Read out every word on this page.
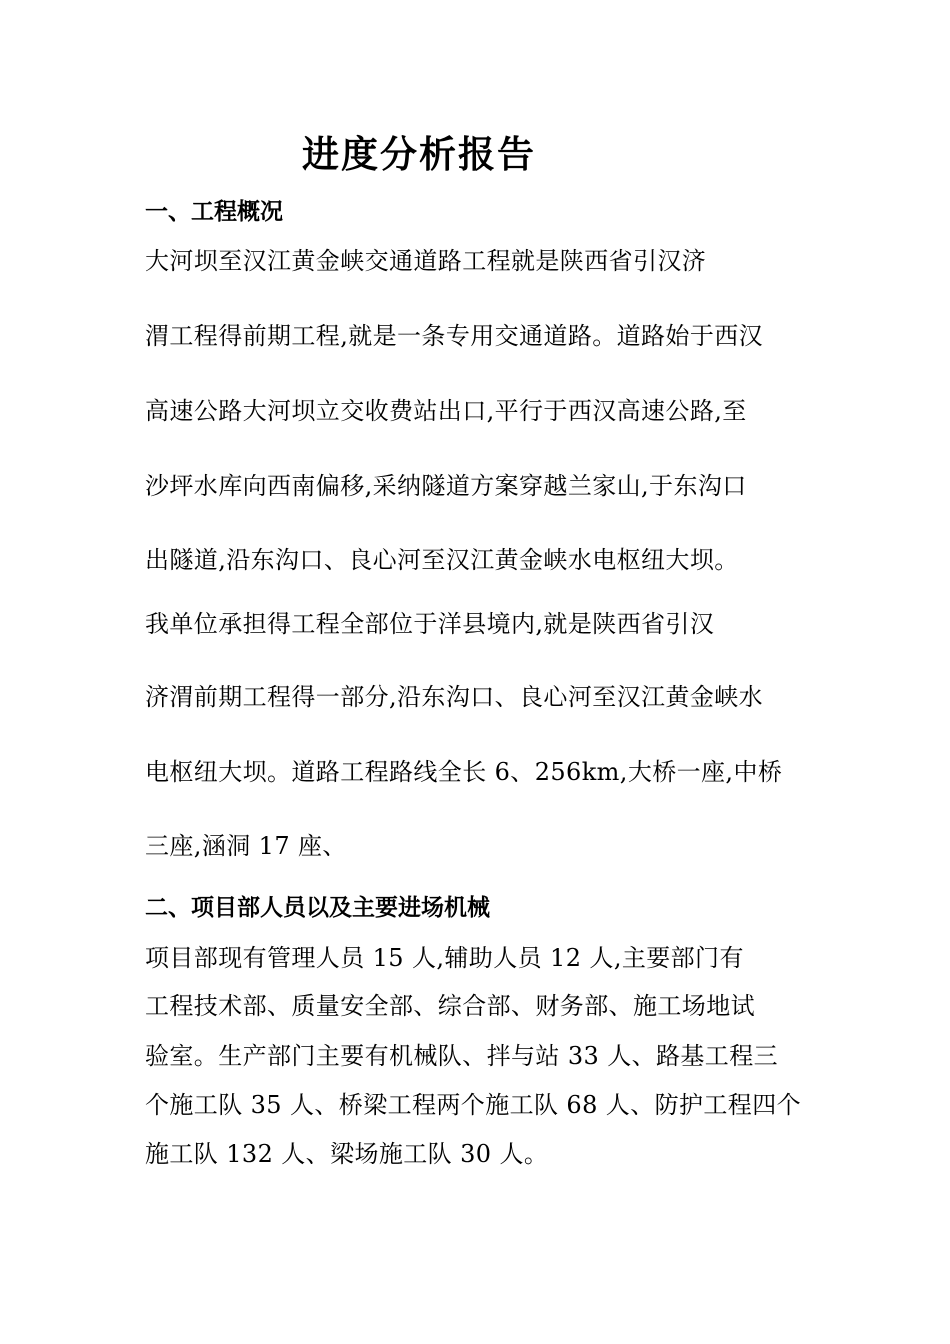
进度分析报告
一、工程概况
大河坝至汉江黄金峡交通道路工程就是陕西省引汉济
渭工程得前期工程,就是一条专用交通道路。道路始于西汉
高速公路大河坝立交收费站出口,平行于西汉高速公路,至
沙坪水库向西南偏移,采纳隧道方案穿越兰家山,于东沟口
出隧道,沿东沟口、良心河至汉江黄金峡水电枢纽大坝。
我单位承担得工程全部位于洋县境内,就是陕西省引汉
济渭前期工程得一部分,沿东沟口、良心河至汉江黄金峡水
电枢纽大坝。道路工程路线全长 6、256km,大桥一座,中桥
三座,涵洞 17 座、
二、项目部人员以及主要进场机械
项目部现有管理人员 15 人,辅助人员 12 人,主要部门有
工程技术部、质量安全部、综合部、财务部、施工场地试
验室。生产部门主要有机械队、拌与站 33 人、路基工程三
个施工队 35 人、桥梁工程两个施工队 68 人、防护工程四个
施工队 132 人、梁场施工队 30 人。
